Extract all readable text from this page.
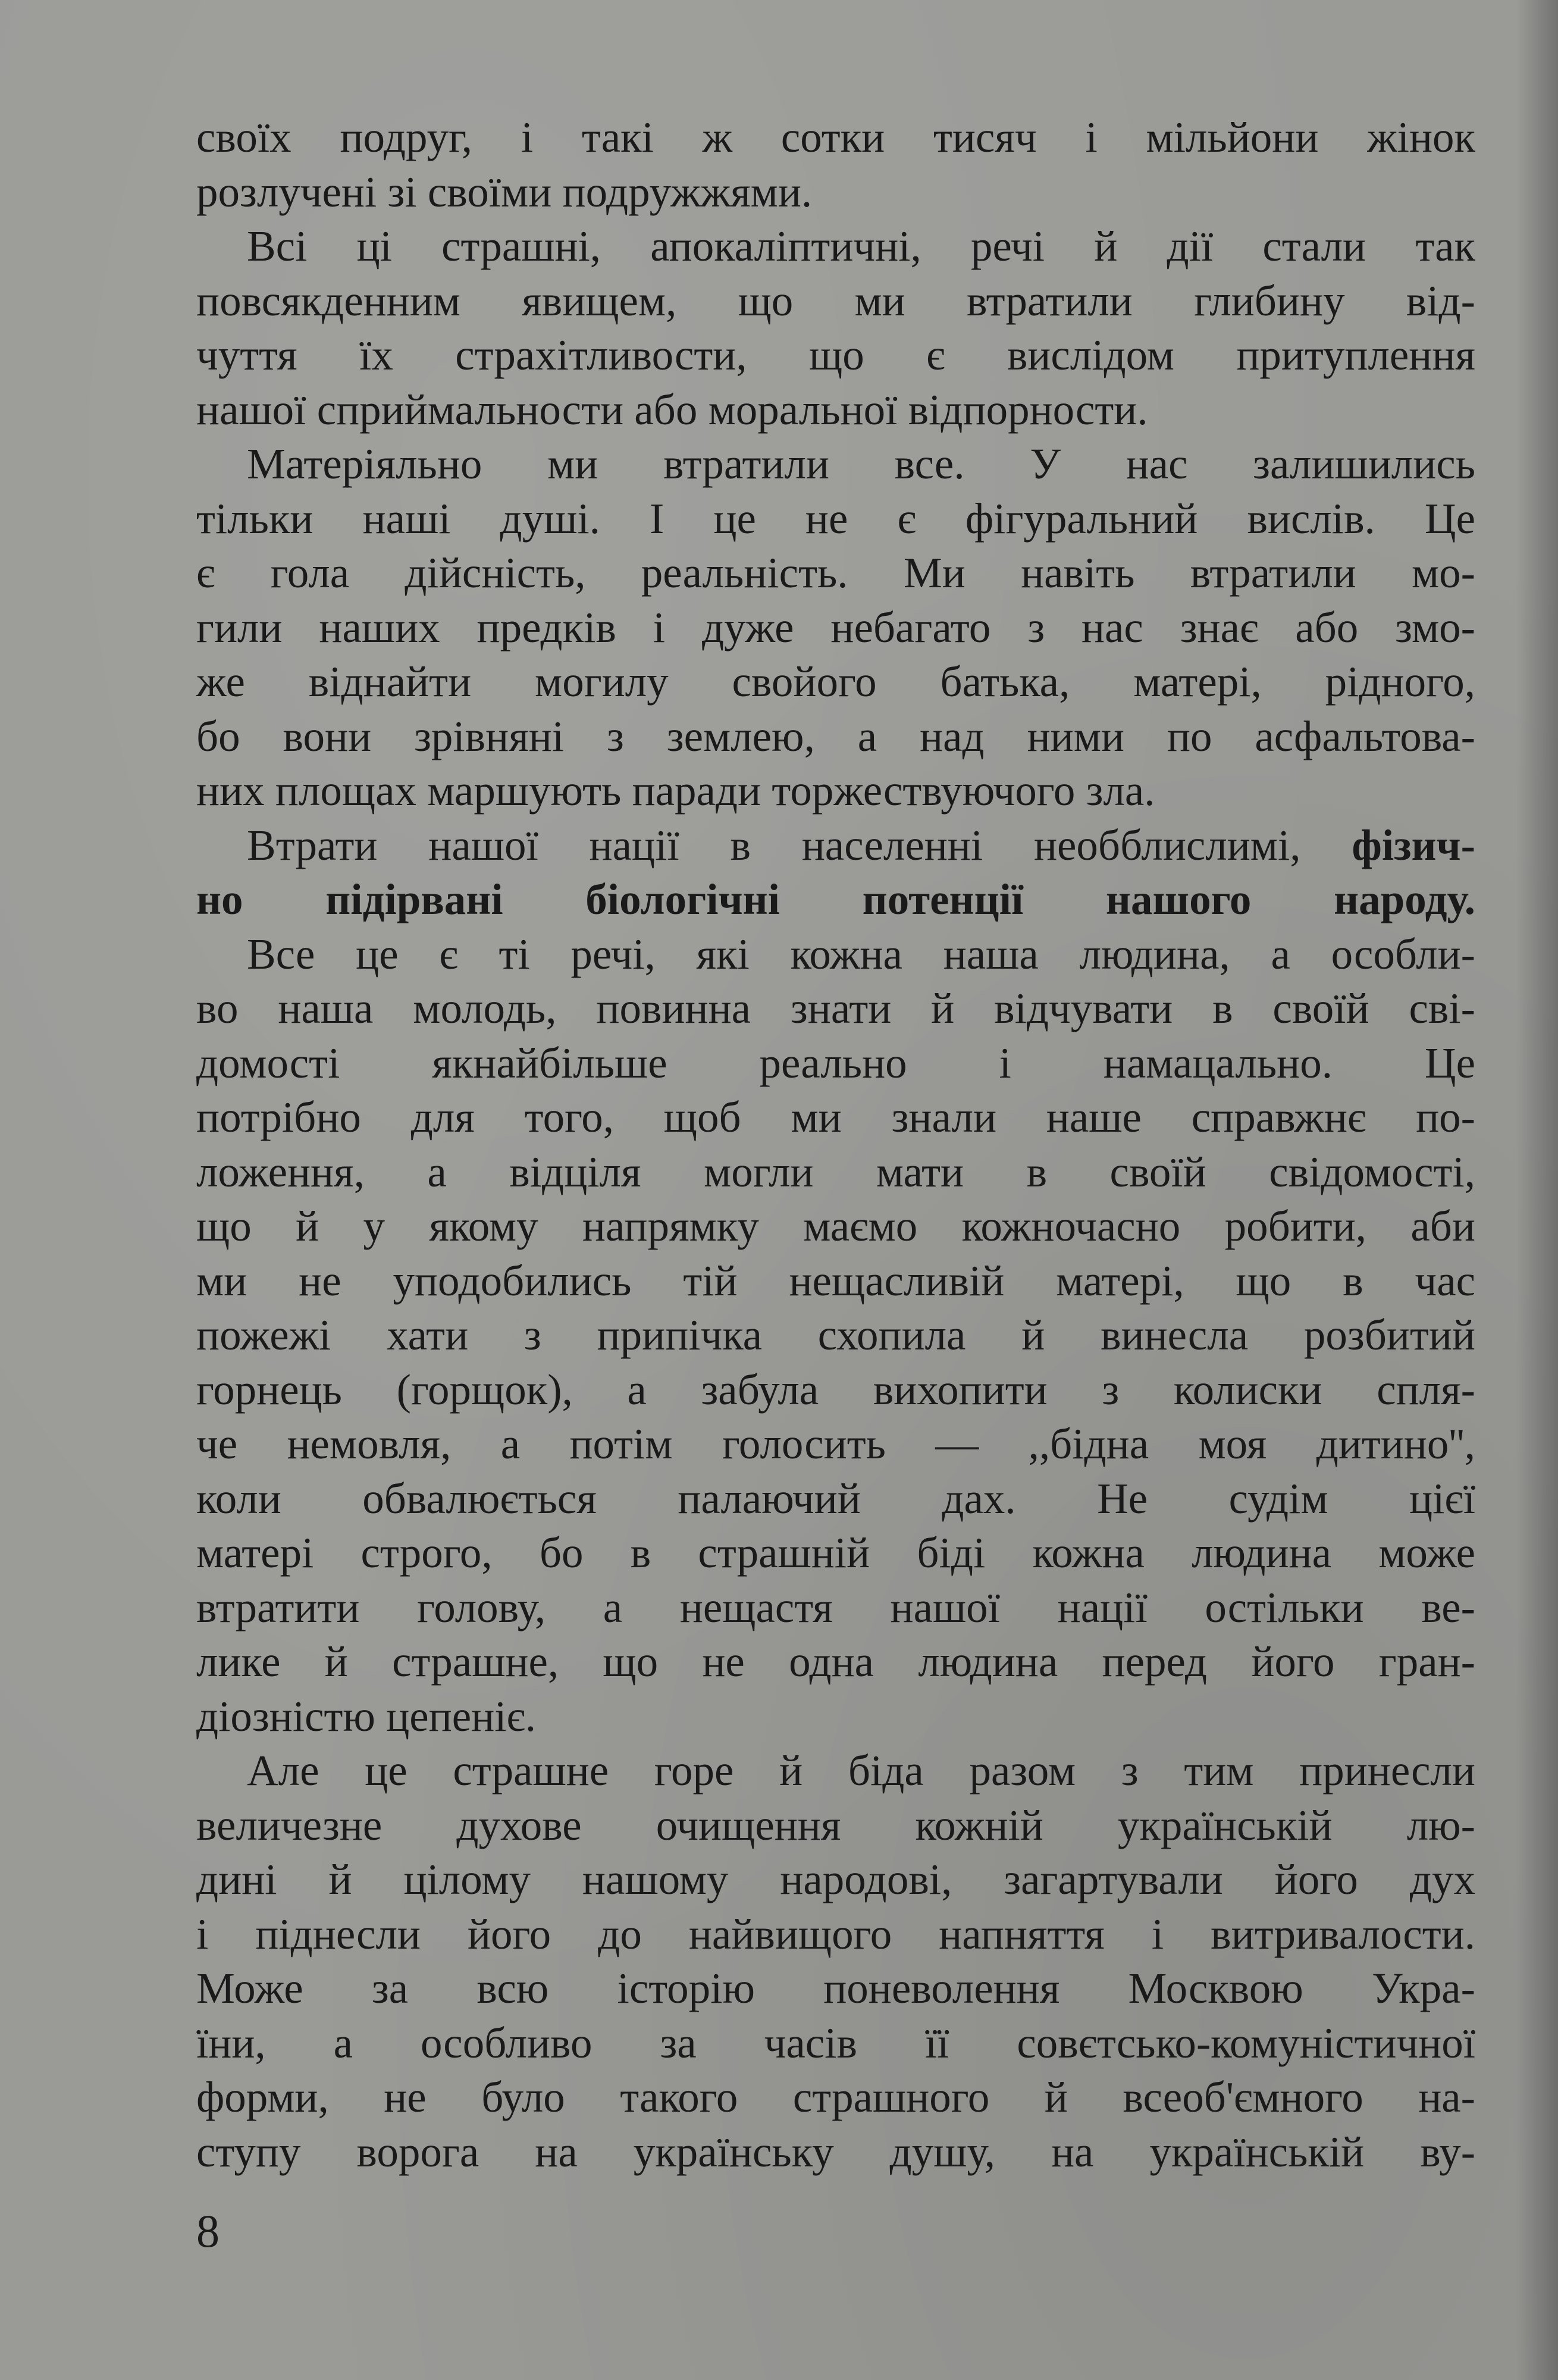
своїх подруг, і такі ж сотки тисяч і мільйони жінок
розлучені зі своїми подружжями.
Всі ці страшні, апокаліптичні, речі й дії стали так
повсякденним явищем, що ми втратили глибину від-
чуття їх страхітливости, що є вислідом притуплення
нашої сприймальности або моральної відпорности.
Матеріяльно ми втратили все. У нас залишились
тільки наші душі. І це не є фігуральний вислів. Це
є гола дійсність, реальність. Ми навіть втратили мо-
гили наших предків і дуже небагато з нас знає або змо-
же віднайти могилу свойого батька, матері, рідного,
бо вони зрівняні з землею, а над ними по асфальтова-
них площах маршують паради торжествуючого зла.
Втрати нашої нації в населенні необблислимі, фізич-
но підірвані біологічні потенції нашого народу.
Все це є ті речі, які кожна наша людина, а особли-
во наша молодь, повинна знати й відчувати в своїй сві-
домості якнайбільше реально і намацально. Це
потрібно для того, щоб ми знали наше справжнє по-
ложення, а відціля могли мати в своїй свідомості,
що й у якому напрямку маємо кожночасно робити, аби
ми не уподобились тій нещасливій матері, що в час
пожежі хати з припічка схопила й винесла розбитий
горнець (горщок), а забула вихопити з колиски спля-
че немовля, а потім голосить — ,,бідна моя дитино'',
коли обвалюється палаючий дах. Не судім цієї
матері строго, бо в страшній біді кожна людина може
втратити голову, а нещастя нашої нації остільки ве-
лике й страшне, що не одна людина перед його гран-
діозністю цепеніє.
Але це страшне горе й біда разом з тим принесли
величезне духове очищення кожній українській лю-
дині й цілому нашому народові, загартували його дух
і піднесли його до найвищого напняття і витривалости.
Може за всю історію поневолення Москвою Укра-
їни, а особливо за часів її совєтсько-комуністичної
форми, не було такого страшного й всеоб'ємного на-
ступу ворога на українську душу, на українській ву-
8
